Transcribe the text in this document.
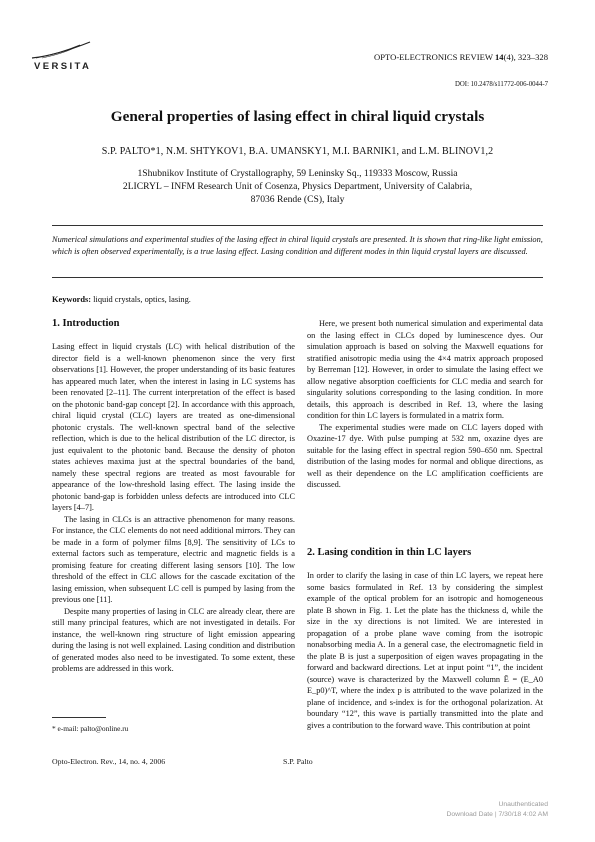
VERSITA
OPTO-ELECTRONICS REVIEW 14(4), 323–328
DOI: 10.2478/s11772-006-0044-7
General properties of lasing effect in chiral liquid crystals
S.P. PALTO*1, N.M. SHTYKOV1, B.A. UMANSKY1, M.I. BARNIK1, and L.M. BLINOV1,2
1Shubnikov Institute of Crystallography, 59 Leninsky Sq., 119333 Moscow, Russia
2LICRYL – INFM Research Unit of Cosenza, Physics Department, University of Calabria,
87036 Rende (CS), Italy
Numerical simulations and experimental studies of the lasing effect in chiral liquid crystals are presented. It is shown that ring-like light emission, which is often observed experimentally, is a true lasing effect. Lasing condition and different modes in thin liquid crystal layers are discussed.
Keywords: liquid crystals, optics, lasing.
1. Introduction

Lasing effect in liquid crystals (LC) with helical distribution of the director field is a well-known phenomenon since the very first observations [1]. However, the proper understanding of its basic features has appeared much later, when the interest in lasing in LC systems has been renovated [2–11]. The current interpretation of the effect is based on the photonic band-gap concept [2]. In accordance with this approach, chiral liquid crystal (CLC) layers are treated as one-dimensional photonic crystals. The well-known spectral band of the selective reflection, which is due to the helical distribution of the LC director, is just equivalent to the photonic band. Because the density of photon states achieves maxima just at the spectral boundaries of the band, namely these spectral regions are treated as most favourable for appearance of the low-threshold lasing effect. The lasing inside the photonic band-gap is forbidden unless defects are introduced into CLC layers [4–7].

The lasing in CLCs is an attractive phenomenon for many reasons. For instance, the CLC elements do not need additional mirrors. They can be made in a form of polymer films [8,9]. The sensitivity of LCs to external factors such as temperature, electric and magnetic fields is a promising feature for creating different lasing sensors [10]. The low threshold of the effect in CLC allows for the cascade excitation of the lasing emission, when subsequent LC cell is pumped by lasing from the previous one [11].

Despite many properties of lasing in CLC are already clear, there are still many principal features, which are not investigated in details. For instance, the well-known ring structure of light emission appearing during the lasing is not well explained. Lasing condition and distribution of generated modes also need to be investigated. To some extent, these problems are addressed in this work.

Here, we present both numerical simulation and experimental data on the lasing effect in CLCs doped by luminescence dyes. Our simulation approach is based on solving the Maxwell equations for stratified anisotropic media using the 4×4 matrix approach proposed by Berreman [12]. However, in order to simulate the lasing effect we allow negative absorption coefficients for CLC media and search for singularity solutions corresponding to the lasing condition. In more details, this approach is described in Ref. 13, where the lasing condition for thin LC layers is formulated in a matrix form.

The experimental studies were made on CLC layers doped with Oxazine-17 dye. With pulse pumping at 532 nm, oxazine dyes are suitable for the lasing effect in spectral region 590–650 nm. Spectral distribution of the lasing modes for normal and oblique directions, as well as their dependence on the LC amplification coefficients are discussed.

2. Lasing condition in thin LC layers

In order to clarify the lasing in case of thin LC layers, we repeat here some basics formulated in Ref. 13 by considering the simplest example of the optical problem for an isotropic and homogeneous plate B shown in Fig. 1. Let the plate has the thickness d, while the size in the xy directions is not limited. We are interested in propagation of a probe plane wave coming from the isotropic nonabsorbing media A. In a general case, the electromagnetic field in the plate B is just a superposition of eigen waves propagating in the forward and backward directions. Let at input point “1”, the incident (source) wave is characterized by the Maxwell column Ē = (E_A0 E_p0)^T, where the index p is attributed to the wave polarized in the plane of incidence, and s-index is for the orthogonal polarization. At boundary “12”, this wave is partially transmitted into the plate and gives a contribution to the forward wave. This contribution at point

* e-mail: palto@online.ru
Opto-Electron. Rev., 14, no. 4, 2006	S.P. Palto
Unauthenticated
Download Date | 7/30/18 4:02 AM
